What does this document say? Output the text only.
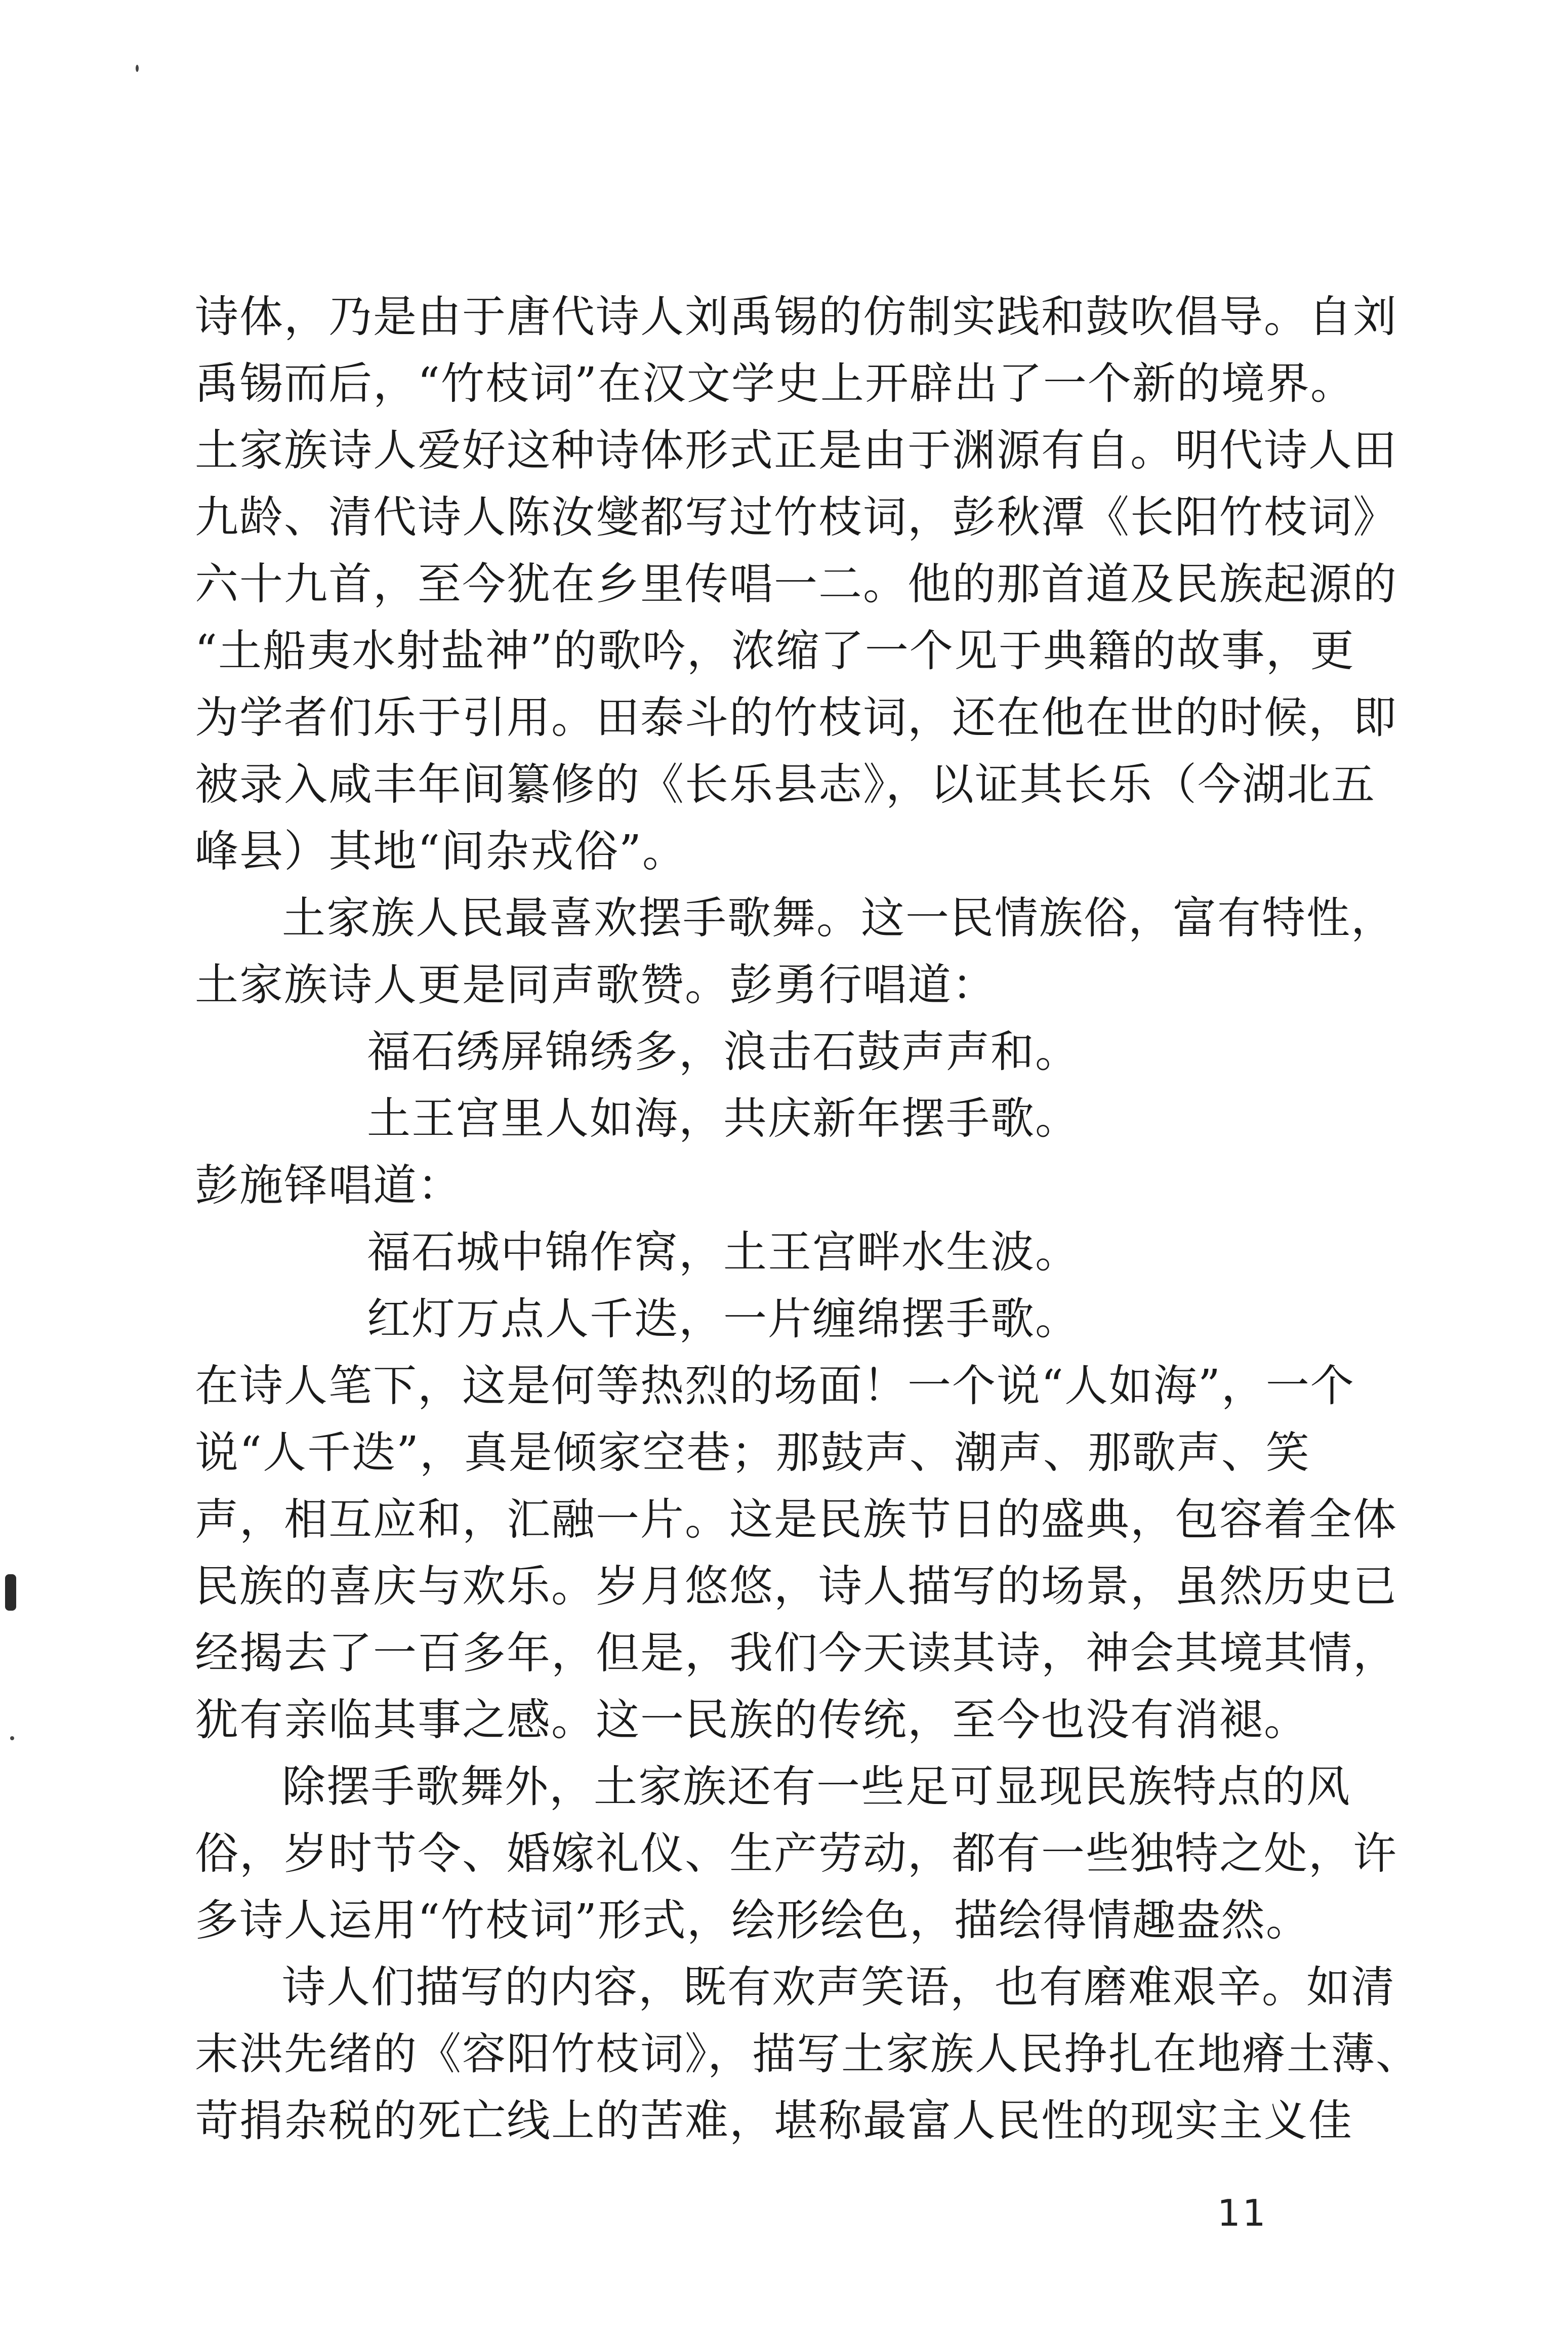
诗体，乃是由于唐代诗人刘禹锡的仿制实践和鼓吹倡导。自刘
禹锡而后，“竹枝词”在汉文学史上开辟出了一个新的境界。
土家族诗人爱好这种诗体形式正是由于渊源有自。明代诗人田
九龄、清代诗人陈汝燮都写过竹枝词，彭秋潭《长阳竹枝词》
六十九首，至今犹在乡里传唱一二。他的那首道及民族起源的
“土船夷水射盐神”的歌吟，浓缩了一个见于典籍的故事，更
为学者们乐于引用。田泰斗的竹枝词，还在他在世的时候，即
被录入咸丰年间纂修的《长乐县志》，以证其长乐（今湖北五
峰县）其地“间杂戎俗”。
土家族人民最喜欢摆手歌舞。这一民情族俗，富有特性，
土家族诗人更是同声歌赞。彭勇行唱道：
福石绣屏锦绣多，浪击石鼓声声和。
土王宫里人如海，共庆新年摆手歌。
彭施铎唱道：
福石城中锦作窝，土王宫畔水生波。
红灯万点人千迭，一片缠绵摆手歌。
在诗人笔下，这是何等热烈的场面！一个说“人如海”，一个
说“人千迭”，真是倾家空巷；那鼓声、潮声、那歌声、笑
声，相互应和，汇融一片。这是民族节日的盛典，包容着全体
民族的喜庆与欢乐。岁月悠悠，诗人描写的场景，虽然历史已
经揭去了一百多年，但是，我们今天读其诗，神会其境其情，
犹有亲临其事之感。这一民族的传统，至今也没有消褪。
除摆手歌舞外，土家族还有一些足可显现民族特点的风
俗，岁时节令、婚嫁礼仪、生产劳动，都有一些独特之处，许
多诗人运用“竹枝词”形式，绘形绘色，描绘得情趣盎然。
诗人们描写的内容，既有欢声笑语，也有磨难艰辛。如清
末洪先绪的《容阳竹枝词》，描写土家族人民挣扎在地瘠土薄、
苛捐杂税的死亡线上的苦难，堪称最富人民性的现实主义佳
11
